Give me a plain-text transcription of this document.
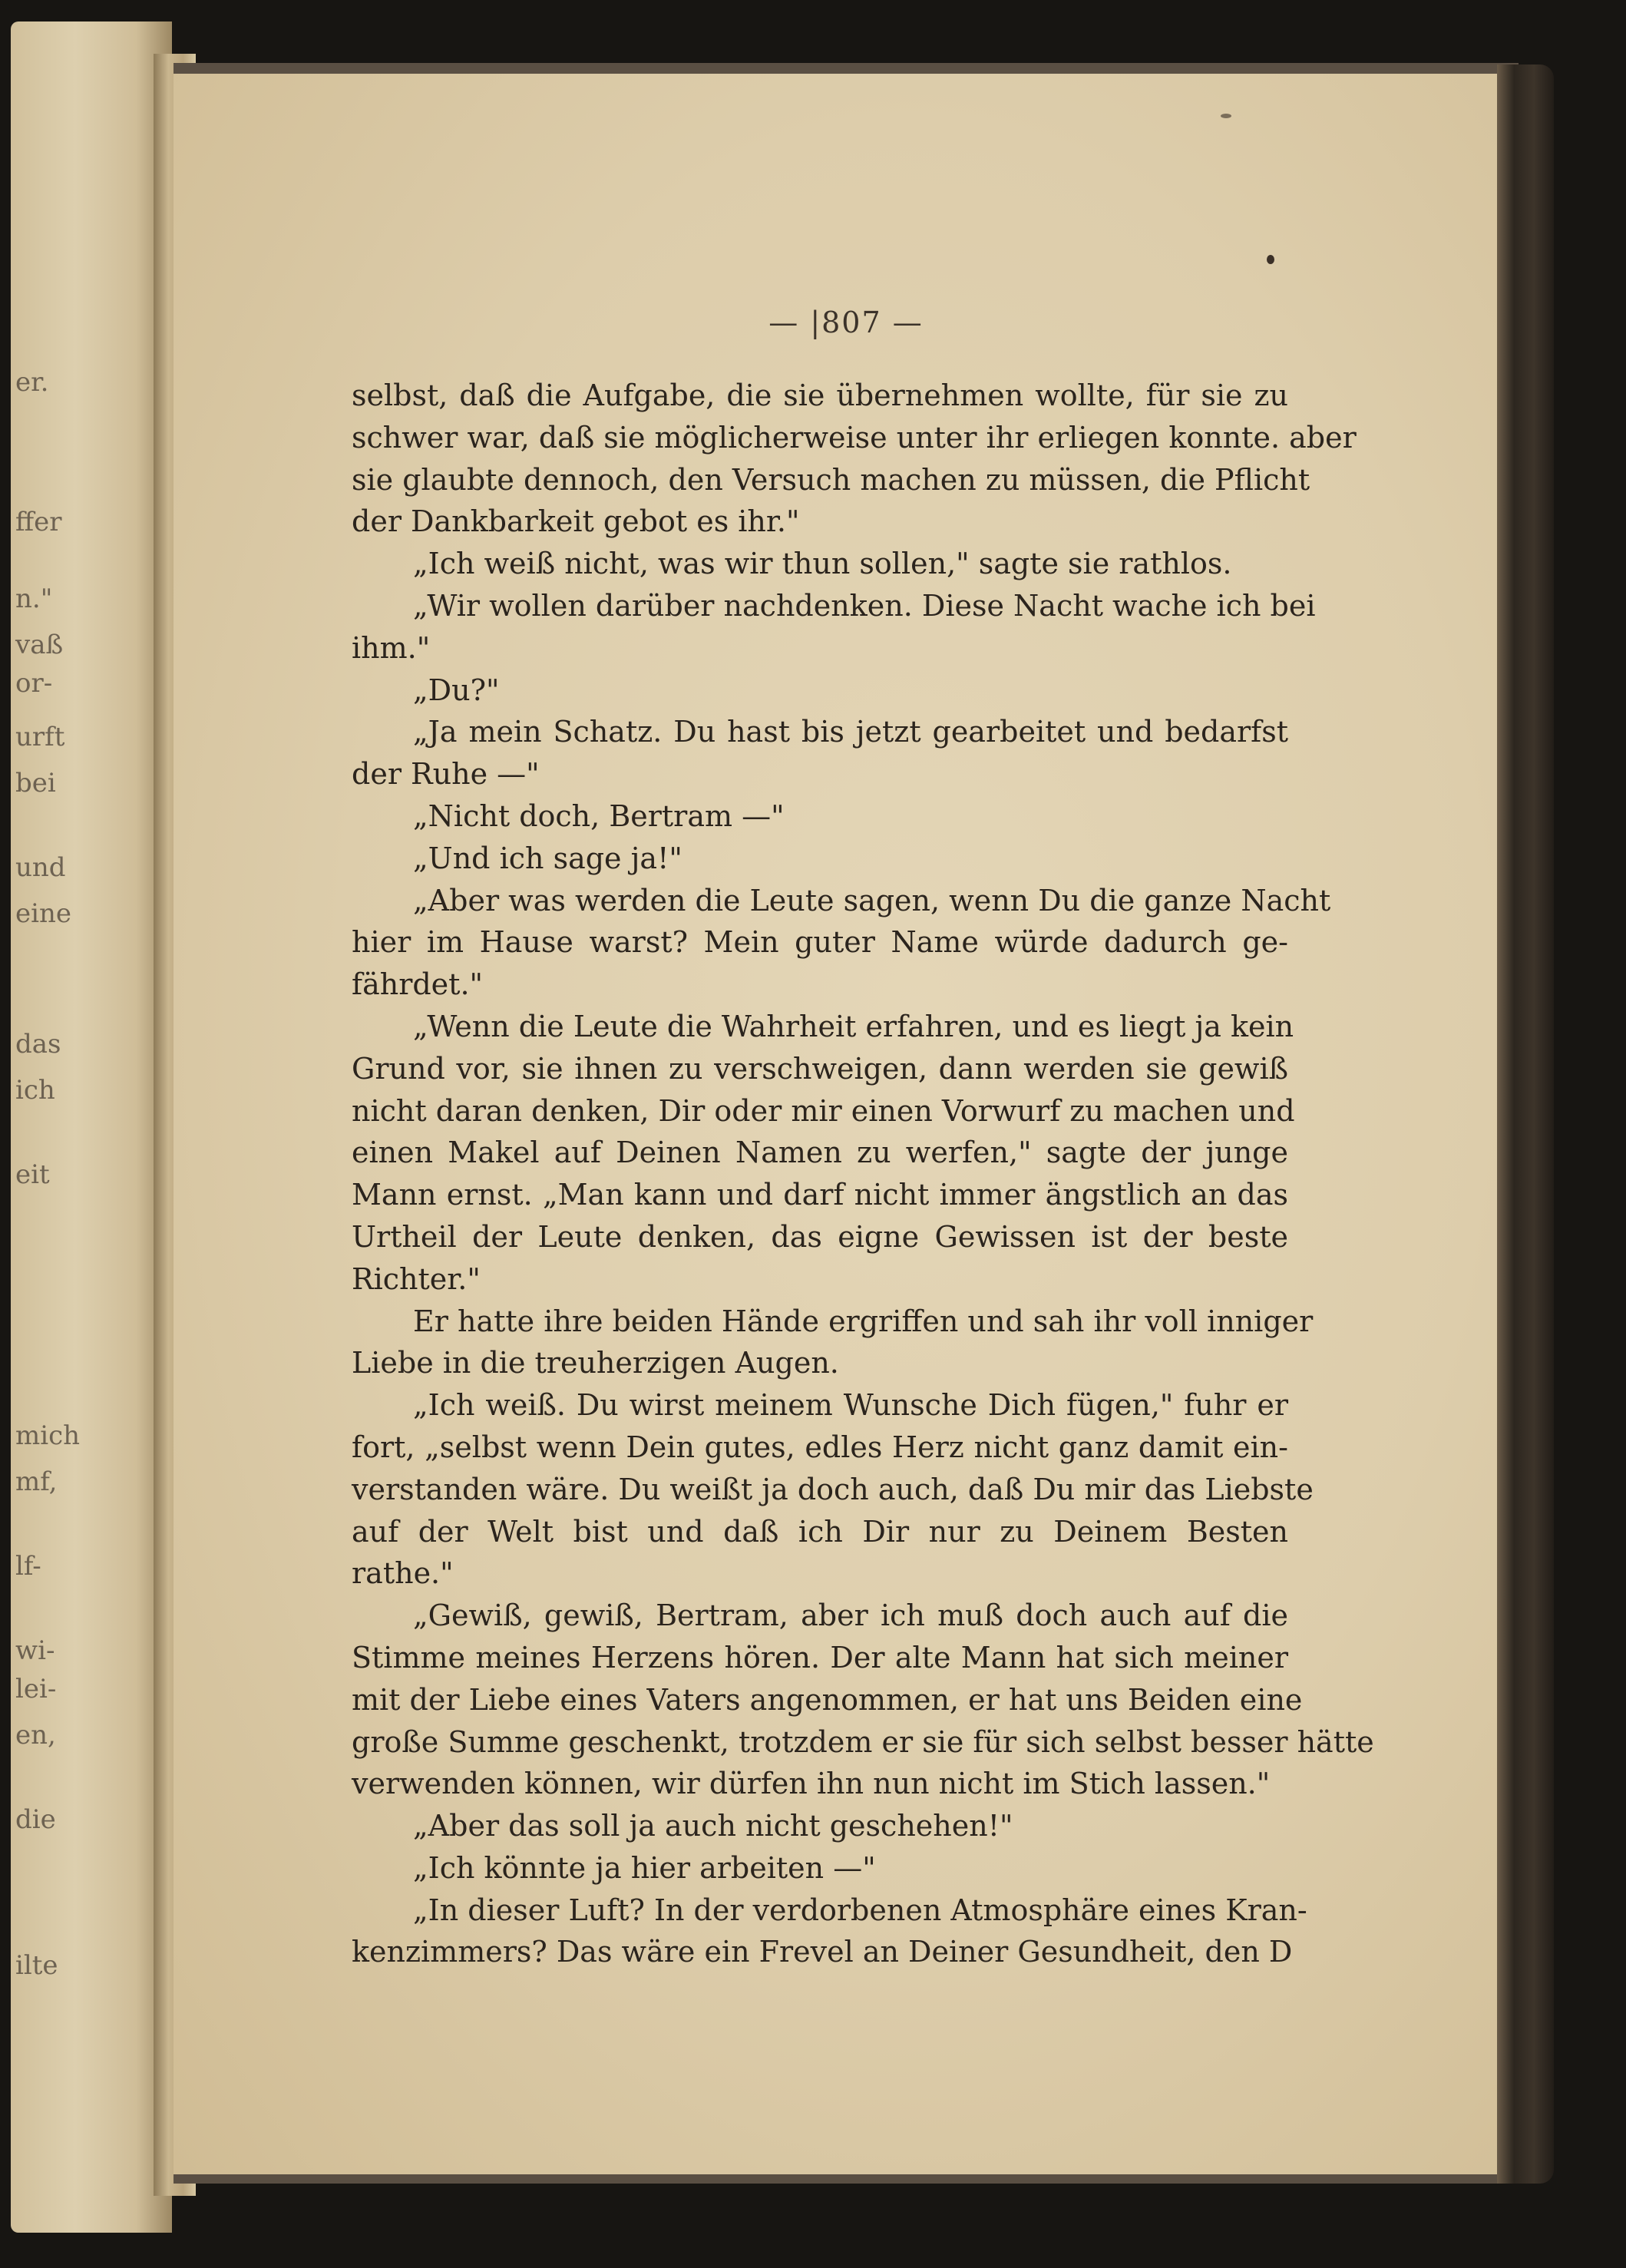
er.
ffer
n."
vaß
or-
urft
bei
und
eine
das
ich
eit
mich
mf,
lf-
wi-
lei-
en,
die
ilte
— |807 —
selbst, daß die Aufgabe, die sie übernehmen wollte, für sie zu
schwer war, daß sie möglicherweise unter ihr erliegen konnte. aber
sie glaubte dennoch, den Versuch machen zu müssen, die Pflicht
der Dankbarkeit gebot es ihr."
„Ich weiß nicht, was wir thun sollen," sagte sie rathlos.
„Wir wollen darüber nachdenken. Diese Nacht wache ich bei
ihm."
„Du?"
„Ja mein Schatz. Du hast bis jetzt gearbeitet und bedarfst
der Ruhe —"
„Nicht doch, Bertram —"
„Und ich sage ja!"
„Aber was werden die Leute sagen, wenn Du die ganze Nacht
hier im Hause warst? Mein guter Name würde dadurch ge-
fährdet."
„Wenn die Leute die Wahrheit erfahren, und es liegt ja kein
Grund vor, sie ihnen zu verschweigen, dann werden sie gewiß
nicht daran denken, Dir oder mir einen Vorwurf zu machen und
einen Makel auf Deinen Namen zu werfen," sagte der junge
Mann ernst. „Man kann und darf nicht immer ängstlich an das
Urtheil der Leute denken, das eigne Gewissen ist der beste
Richter."
Er hatte ihre beiden Hände ergriffen und sah ihr voll inniger
Liebe in die treuherzigen Augen.
„Ich weiß. Du wirst meinem Wunsche Dich fügen," fuhr er
fort, „selbst wenn Dein gutes, edles Herz nicht ganz damit ein-
verstanden wäre. Du weißt ja doch auch, daß Du mir das Liebste
auf der Welt bist und daß ich Dir nur zu Deinem Besten
rathe."
„Gewiß, gewiß, Bertram, aber ich muß doch auch auf die
Stimme meines Herzens hören. Der alte Mann hat sich meiner
mit der Liebe eines Vaters angenommen, er hat uns Beiden eine
große Summe geschenkt, trotzdem er sie für sich selbst besser hätte
verwenden können, wir dürfen ihn nun nicht im Stich lassen."
„Aber das soll ja auch nicht geschehen!"
„Ich könnte ja hier arbeiten —"
„In dieser Luft? In der verdorbenen Atmosphäre eines Kran-
kenzimmers? Das wäre ein Frevel an Deiner Gesundheit, den D
